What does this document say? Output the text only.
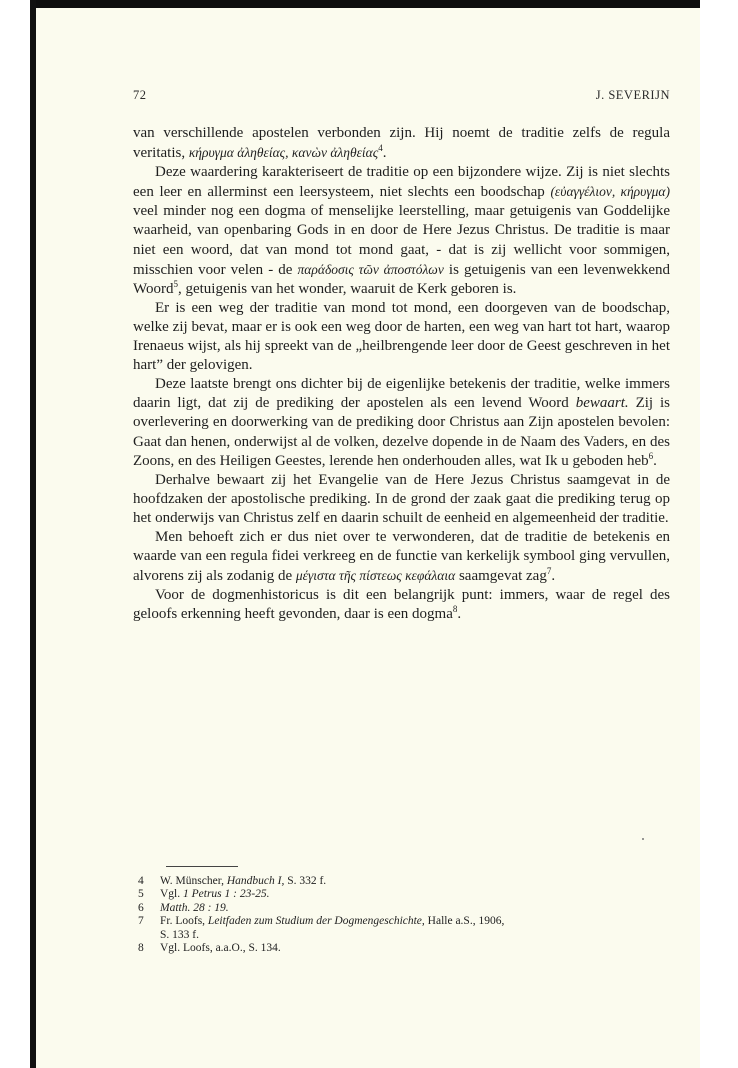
72	J. SEVERIJN

van verschillende apostelen verbonden zijn. Hij noemt de traditie zelfs de regula veritatis, κήρυγμα ἀληθείας, κανὼν ἀληθείας$^4$.

Deze waardering karakteriseert de traditie op een bijzondere wijze. Zij is niet slechts een leer en allerminst een leersysteem, niet slechts een boodschap (εὐαγγέλιον, κήρυγμα) veel minder nog een dogma of menselijke leerstelling, maar getuigenis van Goddelijke waarheid, van openbaring Gods in en door de Here Jezus Christus. De traditie is maar niet een woord, dat van mond tot mond gaat, - dat is zij wellicht voor sommigen, misschien voor velen - de παράδοσις τῶν ἀποστόλων is getuigenis van een levenwekkend Woord$^5$, getuigenis van het wonder, waaruit de Kerk geboren is.

Er is een weg der traditie van mond tot mond, een doorgeven van de boodschap, welke zij bevat, maar er is ook een weg door de harten, een weg van hart tot hart, waarop Irenaeus wijst, als hij spreekt van de „heilbrengende leer door de Geest geschreven in het hart” der gelovigen.

Deze laatste brengt ons dichter bij de eigenlijke betekenis der traditie, welke immers daarin ligt, dat zij de prediking der apostelen als een levend Woord bewaart. Zij is overlevering en doorwerking van de prediking door Christus aan Zijn apostelen bevolen: Gaat dan henen, onderwijst al de volken, dezelve dopende in de Naam des Vaders, en des Zoons, en des Heiligen Geestes, lerende hen onderhouden alles, wat Ik u geboden heb$^6$.

Derhalve bewaart zij het Evangelie van de Here Jezus Christus saamgevat in de hoofdzaken der apostolische prediking. In de grond der zaak gaat die prediking terug op het onderwijs van Christus zelf en daarin schuilt de eenheid en algemeenheid der traditie.

Men behoeft zich er dus niet over te verwonderen, dat de traditie de betekenis en waarde van een regula fidei verkreeg en de functie van kerkelijk symbool ging vervullen, alvorens zij als zodanig de μέγιστα τῆς πίστεως κεφάλαια saamgevat zag$^7$.

Voor de dogmenhistoricus is dit een belangrijk punt: immers, waar de regel des geloofs erkenning heeft gevonden, daar is een dogma$^8$.

4	W. Münscher, Handbuch I, S. 332 f.
5	Vgl. 1 Petrus 1 : 23-25.
6	Matth. 28 : 19.
7	Fr. Loofs, Leitfaden zum Studium der Dogmengeschichte, Halle a.S., 1906,
S. 133 f.
8	Vgl. Loofs, a.a.O., S. 134.
